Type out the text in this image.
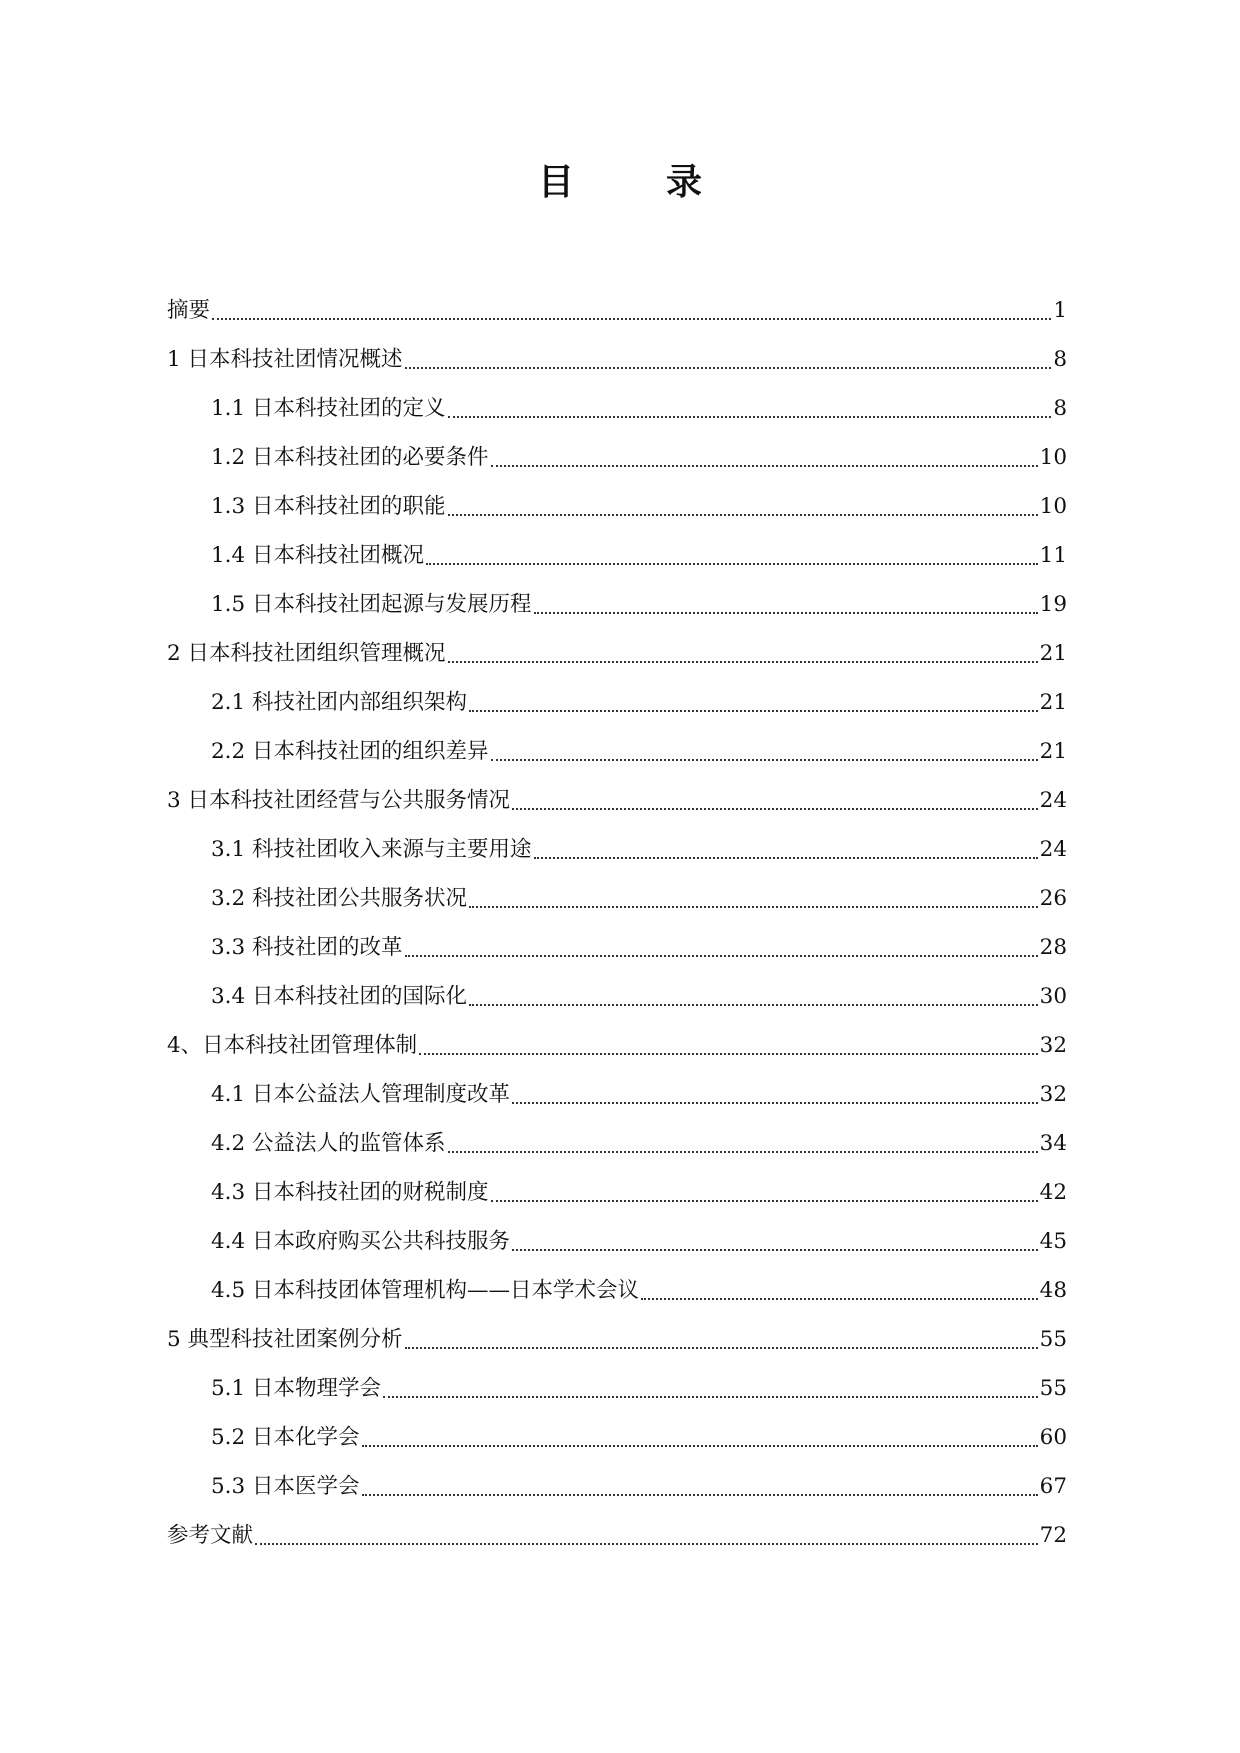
目　录
摘要	1
1 日本科技社团情况概述	8
1.1 日本科技社团的定义	8
1.2 日本科技社团的必要条件	10
1.3 日本科技社团的职能	10
1.4 日本科技社团概况	11
1.5 日本科技社团起源与发展历程	19
2 日本科技社团组织管理概况	21
2.1 科技社团内部组织架构	21
2.2 日本科技社团的组织差异	21
3 日本科技社团经营与公共服务情况	24
3.1 科技社团收入来源与主要用途	24
3.2 科技社团公共服务状况	26
3.3 科技社团的改革	28
3.4 日本科技社团的国际化	30
4、日本科技社团管理体制	32
4.1 日本公益法人管理制度改革	32
4.2 公益法人的监管体系	34
4.3 日本科技社团的财税制度	42
4.4 日本政府购买公共科技服务	45
4.5 日本科技团体管理机构——日本学术会议	48
5 典型科技社团案例分析	55
5.1 日本物理学会	55
5.2 日本化学会	60
5.3 日本医学会	67
参考文献	72
